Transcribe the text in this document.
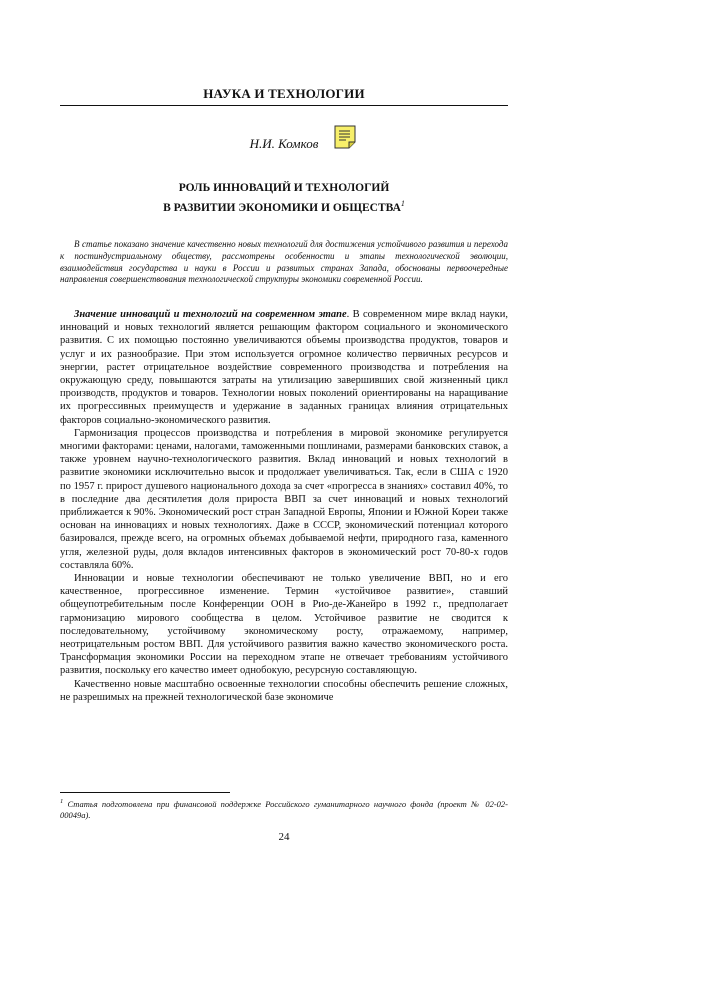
НАУКА И ТЕХНОЛОГИИ
Н.И. Комков
РОЛЬ ИННОВАЦИЙ И ТЕХНОЛОГИЙ
В РАЗВИТИИ ЭКОНОМИКИ И ОБЩЕСТВА$^1$
В статье показано значение качественно новых технологий для достижения устойчивого развития и перехода к постиндустриальному обществу, рассмотрены особенности и этапы технологической эволюции, взаимодействия государства и науки в России и развитых странах Запада, обоснованы первоочередные направления совершенствования технологической структуры экономики современной России.

Значение инноваций и технологий на современном этапе. В современном мире вклад науки, инноваций и новых технологий является решающим фактором социального и экономического развития. С их помощью постоянно увеличиваются объемы производства продуктов, товаров и услуг и их разнообразие. При этом используется огромное количество первичных ресурсов и энергии, растет отрицательное воздействие современного производства и потребления на окружающую среду, повышаются затраты на утилизацию завершивших свой жизненный цикл производств, продуктов и товаров. Технологии новых поколений ориентированы на наращивание их прогрессивных преимуществ и удержание в заданных границах влияния отрицательных факторов социально-экономического развития.

Гармонизация процессов производства и потребления в мировой экономике регулируется многими факторами: ценами, налогами, таможенными пошлинами, размерами банковских ставок, а также уровнем научно-технологического развития. Вклад инноваций и новых технологий в развитие экономики исключительно высок и продолжает увеличиваться. Так, если в США с 1920 по 1957 г. прирост душевого национального дохода за счет «прогресса в знаниях» составил 40%, то в последние два десятилетия доля прироста ВВП за счет инноваций и новых технологий приближается к 90%. Экономический рост стран Западной Европы, Японии и Южной Кореи также основан на инновациях и новых технологиях. Даже в СССР, экономический потенциал которого базировался, прежде всего, на огромных объемах добываемой нефти, природного газа, каменного угля, железной руды, доля вкладов интенсивных факторов в экономический рост 70-80-х годов составляла 60%.

Инновации и новые технологии обеспечивают не только увеличение ВВП, но и его качественное, прогрессивное изменение. Термин «устойчивое развитие», ставший общеупотребительным после Конференции ООН в Рио-де-Жанейро в 1992 г., предполагает гармонизацию мирового сообщества в целом. Устойчивое развитие не сводится к последовательному, устойчивому экономическому росту, отражаемому, например, неотрицательным ростом ВВП. Для устойчивого развития важно качество экономического роста. Трансформация экономики России на переходном этапе не отвечает требованиям устойчивого развития, поскольку его качество имеет однобокую, ресурсную составляющую.

Качественно новые масштабно освоенные технологии способны обеспечить решение сложных, не разрешимых на прежней технологической базе экономиче

$^1$ Статья подготовлена при финансовой поддержке Российского гуманитарного научного фонда (проект № 02-02-00049а).
24
